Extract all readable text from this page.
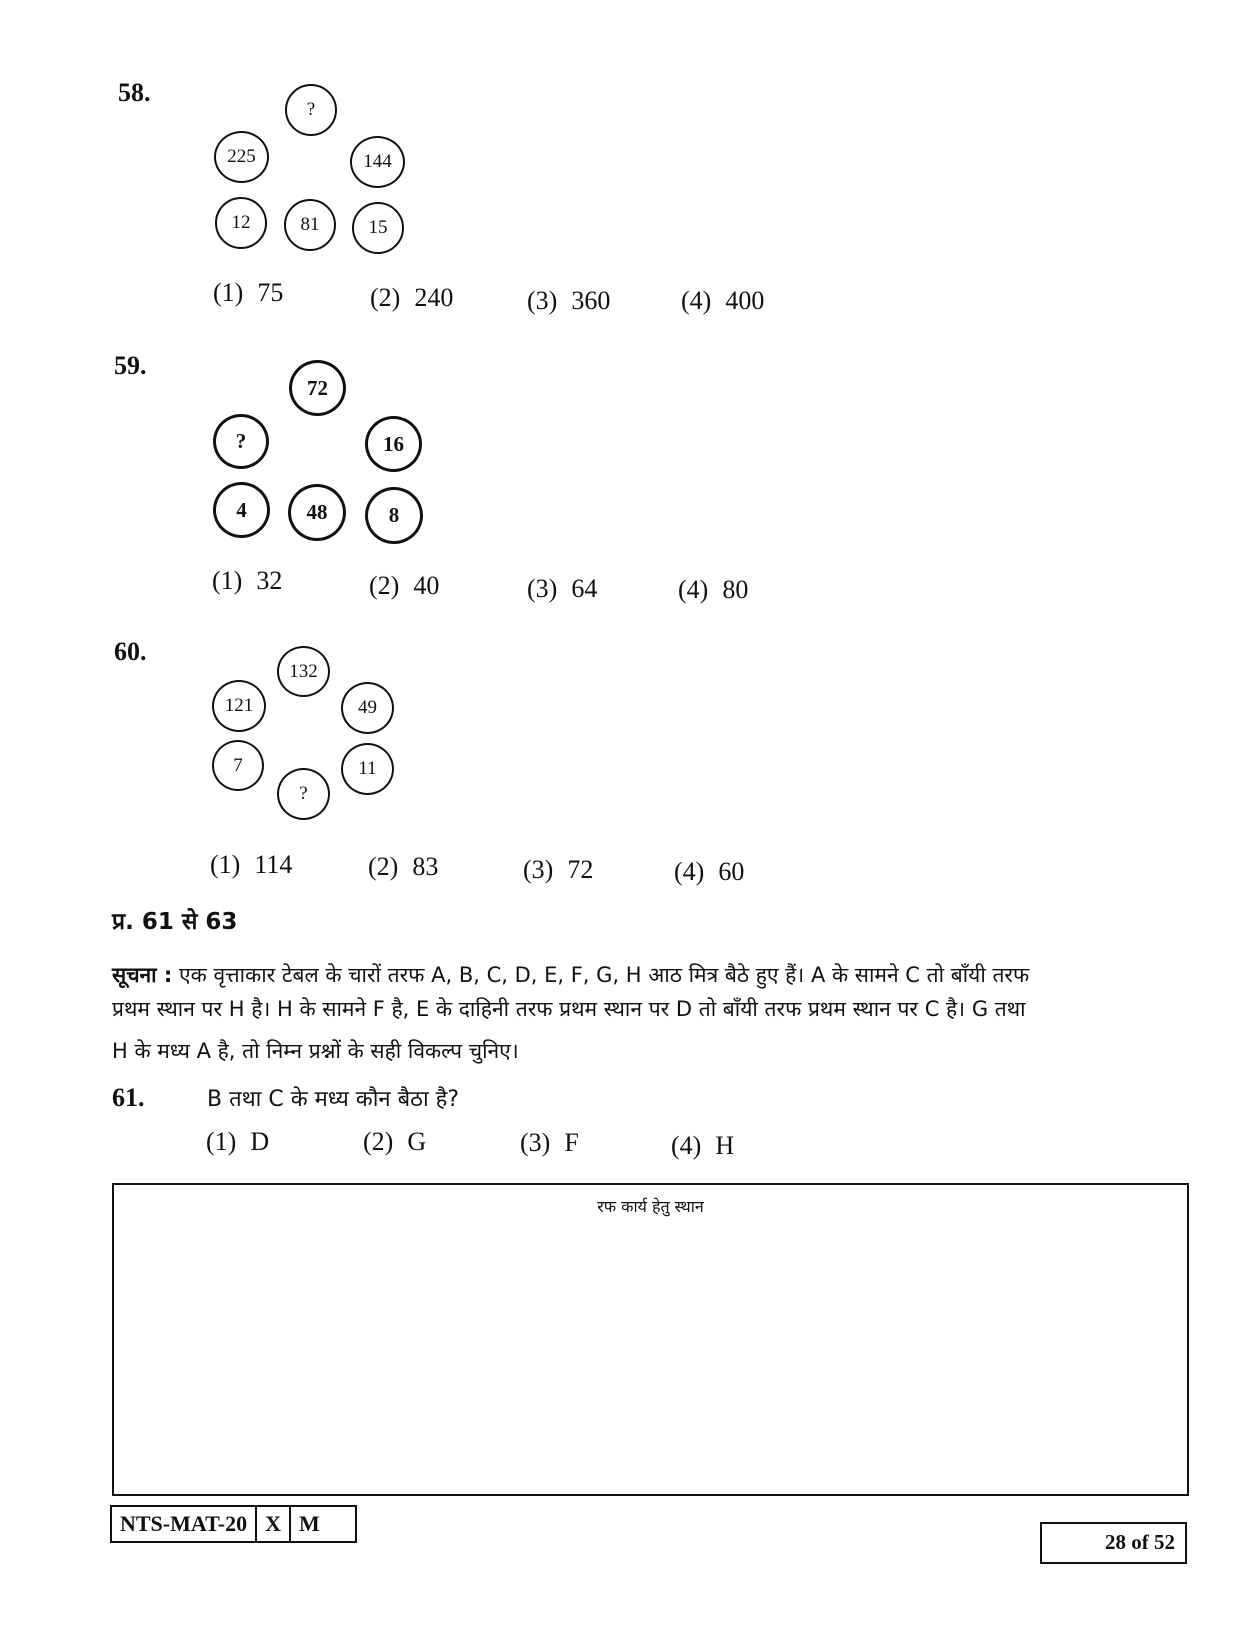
58.
?
225	144
12	81	15
(1) 75	(2) 240	(3) 360	(4) 400
59.
72
?	16
4	48	8
(1) 32	(2) 40	(3) 64	(4) 80
60.
132
121	49
7	11
?
(1) 114	(2) 83	(3) 72	(4) 60
प्र. 61 से 63
सूचना : एक वृत्ताकार टेबल के चारों तरफ A, B, C, D, E, F, G, H आठ मित्र बैठे हुए हैं। A के सामने C तो बाँयी तरफ
प्रथम स्थान पर H है। H के सामने F है, E के दाहिनी तरफ प्रथम स्थान पर D तो बाँयी तरफ प्रथम स्थान पर C है। G तथा
H के मध्य A है, तो निम्न प्रश्नों के सही विकल्प चुनिए।
61.	B तथा C के मध्य कौन बैठा है?
(1) D	(2) G	(3) F	(4) H
रफ कार्य हेतु स्थान
NTS-MAT-20 X M
28 of 52
